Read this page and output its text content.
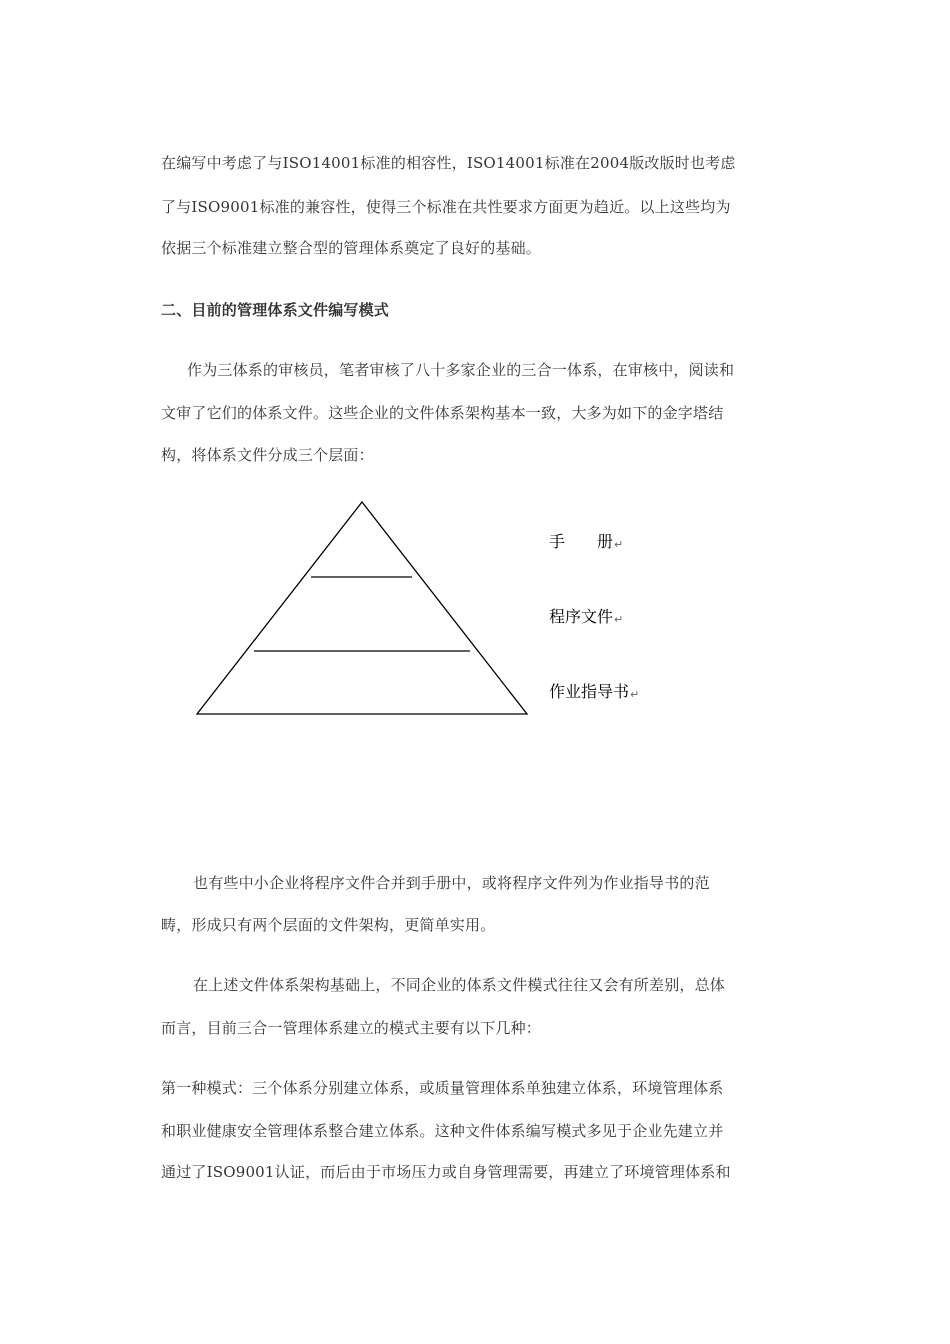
在编写中考虑了与ISO14001标准的相容性，ISO14001标准在2004版改版时也考虑
了与ISO9001标准的兼容性，使得三个标准在共性要求方面更为趋近。以上这些均为
依据三个标准建立整合型的管理体系奠定了良好的基础。
二、目前的管理体系文件编写模式
作为三体系的审核员，笔者审核了八十多家企业的三合一体系，在审核中，阅读和
文审了它们的体系文件。这些企业的文件体系架构基本一致，大多为如下的金字塔结
构，将体系文件分成三个层面：
手　　册↵
程序文件↵
作业指导书↵
也有些中小企业将程序文件合并到手册中，或将程序文件列为作业指导书的范
畴，形成只有两个层面的文件架构，更简单实用。
在上述文件体系架构基础上，不同企业的体系文件模式往往又会有所差别，总体
而言，目前三合一管理体系建立的模式主要有以下几种：
第一种模式：三个体系分别建立体系，或质量管理体系单独建立体系，环境管理体系
和职业健康安全管理体系整合建立体系。这种文件体系编写模式多见于企业先建立并
通过了ISO9001认证，而后由于市场压力或自身管理需要，再建立了环境管理体系和
